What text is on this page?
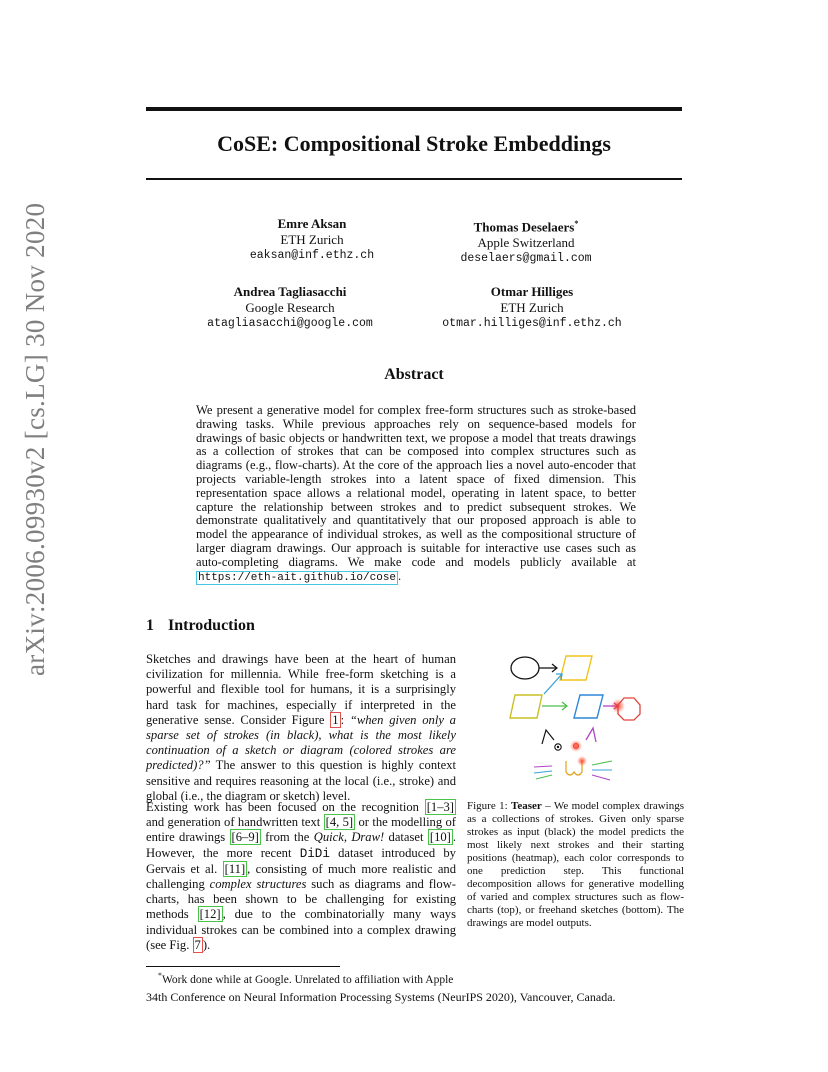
arXiv:2006.09930v2 [cs.LG] 30 Nov 2020
CoSE: Compositional Stroke Embeddings
Emre Aksan
ETH Zurich
eaksan@inf.ethz.ch
Thomas Deselaers*
Apple Switzerland
deselaers@gmail.com
Andrea Tagliasacchi
Google Research
atagliasacchi@google.com
Otmar Hilliges
ETH Zurich
otmar.hilliges@inf.ethz.ch
Abstract

We present a generative model for complex free-form structures such as stroke-based drawing tasks. While previous approaches rely on sequence-based models for drawings of basic objects or handwritten text, we propose a model that treats drawings as a collection of strokes that can be composed into complex structures such as diagrams (e.g., flow-charts). At the core of the approach lies a novel auto-encoder that projects variable-length strokes into a latent space of fixed dimension. This representation space allows a relational model, operating in latent space, to better capture the relationship between strokes and to predict subsequent strokes. We demonstrate qualitatively and quantitatively that our proposed approach is able to model the appearance of individual strokes, as well as the compositional structure of larger diagram drawings. Our approach is suitable for interactive use cases such as auto-completing diagrams. We make code and models publicly available at https://eth-ait.github.io/cose .

1 Introduction

Sketches and drawings have been at the heart of human civilization for millennia. While free-form sketching is a powerful and flexible tool for humans, it is a surprisingly hard task for machines, especially if interpreted in the generative sense. Consider Figure 1 : “when given only a sparse set of strokes (in black), what is the most likely continuation of a sketch or diagram (colored strokes are predicted)?” The answer to this question is highly context sensitive and requires reasoning at the local (i.e., stroke) and global (i.e., the diagram or sketch) level.

Existing work has been focused on the recognition [1–3] and generation of handwritten text [4, 5] or the modelling of entire drawings [6–9] from the Quick, Draw! dataset [10] . However, the more recent DiDi dataset introduced by Gervais et al. [11] , consisting of much more realistic and challenging complex structures such as diagrams and flow-charts, has been shown to be challenging for existing methods [12] , due to the combinatorially many ways individual strokes can be combined into a complex drawing (see Fig. 7 ).

Figure 1: Teaser – We model complex drawings as a collections of strokes. Given only sparse strokes as input (black) the model predicts the most likely next strokes and their starting positions (heatmap), each color corresponds to one prediction step. This functional decomposition allows for generative modelling of varied and complex structures such as flow-charts (top), or freehand sketches (bottom). The drawings are model outputs.

*Work done while at Google. Unrelated to affiliation with Apple

34th Conference on Neural Information Processing Systems (NeurIPS 2020), Vancouver, Canada.
